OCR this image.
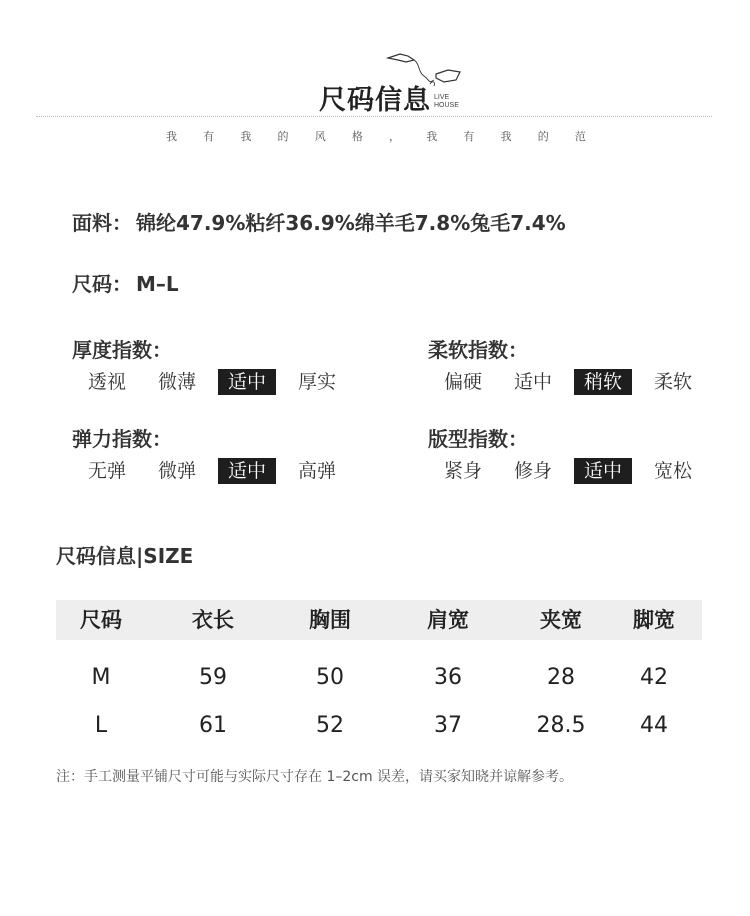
尺码信息 LIVE
HOUSE
我 有 我 的 风 格 ， 我 有 我 的 范
面料： 锦纶47.9%粘纤36.9%绵羊毛7.8%兔毛7.4%
尺码： M–L
厚度指数：
透视	微薄	适中	厚实
柔软指数：
偏硬	适中	稍软	柔软
弹力指数：
无弹	微弹	适中	高弹
版型指数：
紧身	修身	适中	宽松
尺码信息|SIZE
尺码	衣长	胸围	肩宽	夹宽	脚宽
M	59	50	36	28	42
L	61	52	37	28.5	44
注：手工测量平铺尺寸可能与实际尺寸存在 1–2cm 误差，请买家知晓并谅解参考。
